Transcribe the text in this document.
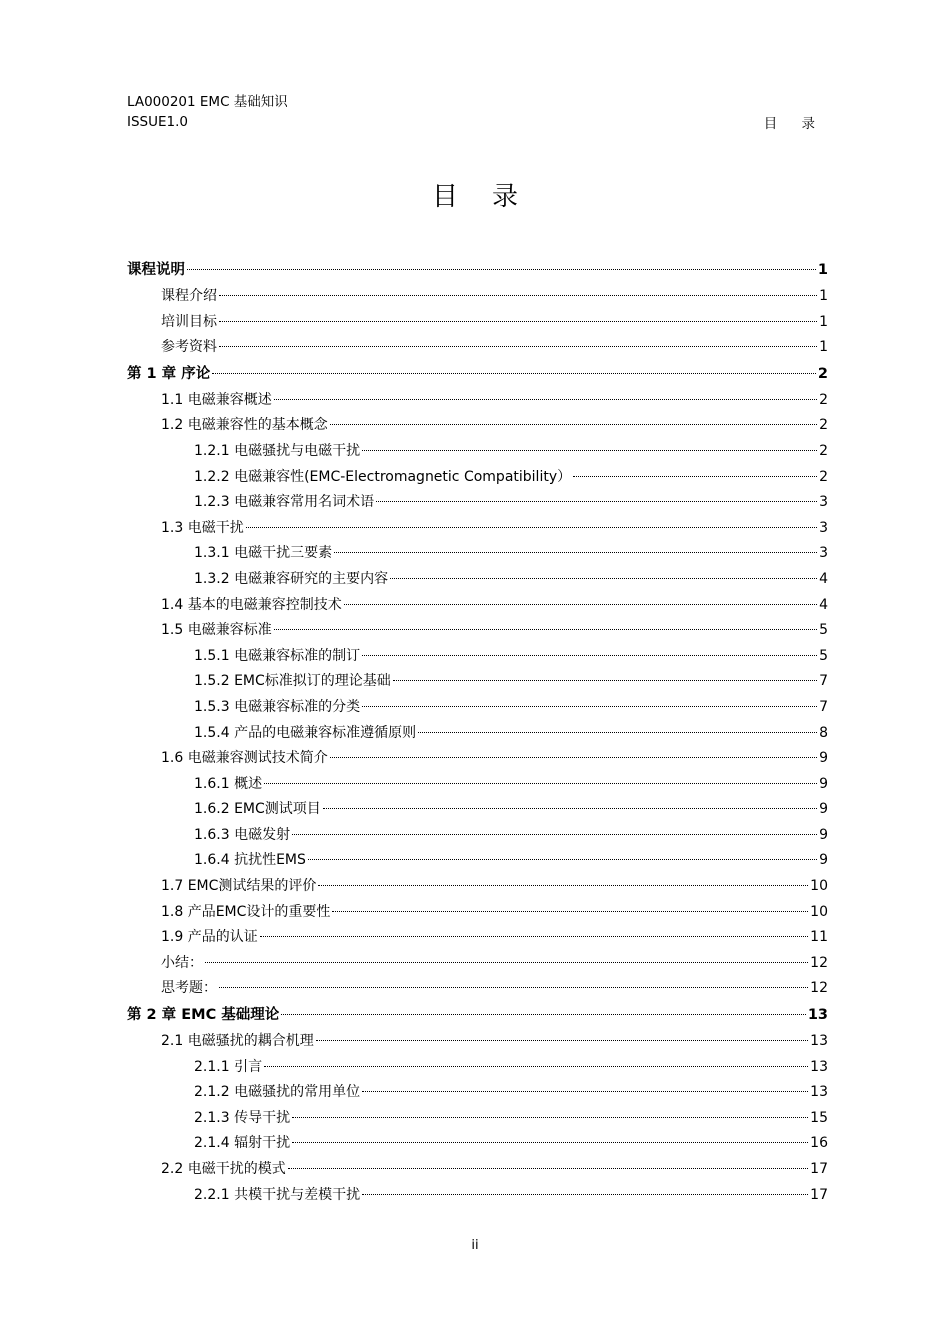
LA000201 EMC 基础知识
ISSUE1.0	目 录
目录
课程说明	1
课程介绍	1
培训目标	1
参考资料	1
第 1 章 序论	2
1.1 电磁兼容概述	2
1.2 电磁兼容性的基本概念	2
1.2.1 电磁骚扰与电磁干扰	2
1.2.2 电磁兼容性(EMC-Electromagnetic Compatibility）	2
1.2.3 电磁兼容常用名词术语	3
1.3 电磁干扰	3
1.3.1 电磁干扰三要素	3
1.3.2 电磁兼容研究的主要内容	4
1.4 基本的电磁兼容控制技术	4
1.5 电磁兼容标准	5
1.5.1 电磁兼容标准的制订	5
1.5.2 EMC标准拟订的理论基础	7
1.5.3 电磁兼容标准的分类	7
1.5.4 产品的电磁兼容标准遵循原则	8
1.6 电磁兼容测试技术简介	9
1.6.1 概述	9
1.6.2 EMC测试项目	9
1.6.3 电磁发射	9
1.6.4 抗扰性EMS	9
1.7 EMC测试结果的评价	10
1.8 产品EMC设计的重要性	10
1.9 产品的认证	11
小结：	12
思考题：	12
第 2 章 EMC 基础理论	13
2.1 电磁骚扰的耦合机理	13
2.1.1 引言	13
2.1.2 电磁骚扰的常用单位	13
2.1.3 传导干扰	15
2.1.4 辐射干扰	16
2.2 电磁干扰的模式	17
2.2.1 共模干扰与差模干扰	17
ii
